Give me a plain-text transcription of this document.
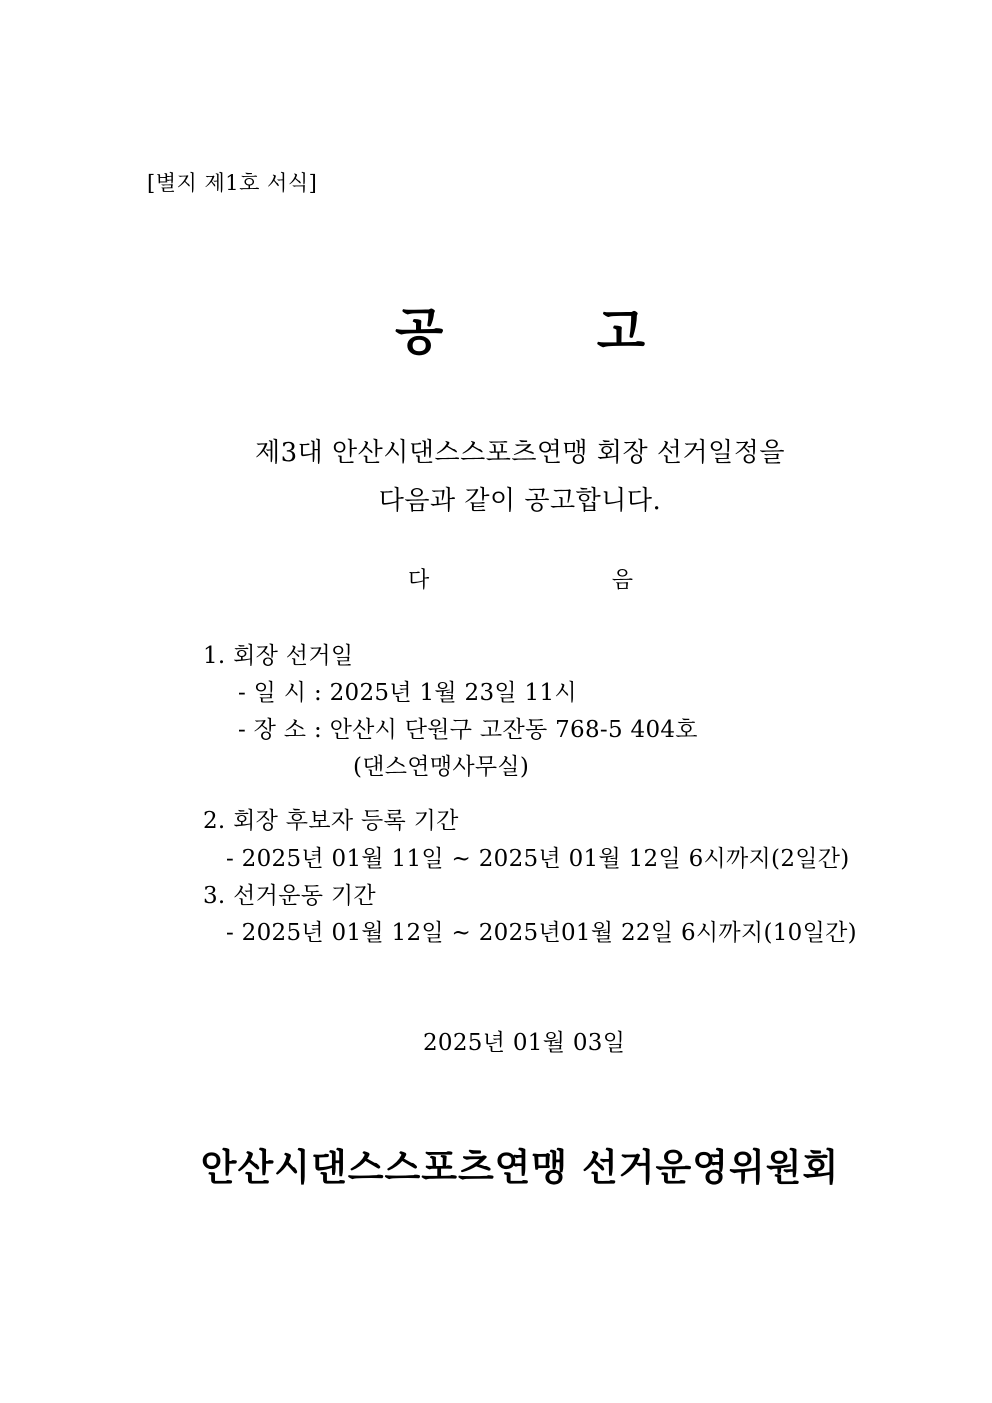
[별지 제1호 서식]
공	고
제3대 안산시댄스스포츠연맹 회장 선거일정을
다음과 같이 공고합니다.
다	음
1. 회장 선거일
- 일 시 : 2025년 1월 23일 11시
- 장 소 : 안산시 단원구 고잔동 768-5 404호
(댄스연맹사무실)
2. 회장 후보자 등록 기간
- 2025년 01월 11일 ~ 2025년 01월 12일 6시까지(2일간)
3. 선거운동 기간
- 2025년 01월 12일 ~ 2025년01월 22일 6시까지(10일간)
2025년 01월 03일
안산시댄스스포츠연맹 선거운영위원회
